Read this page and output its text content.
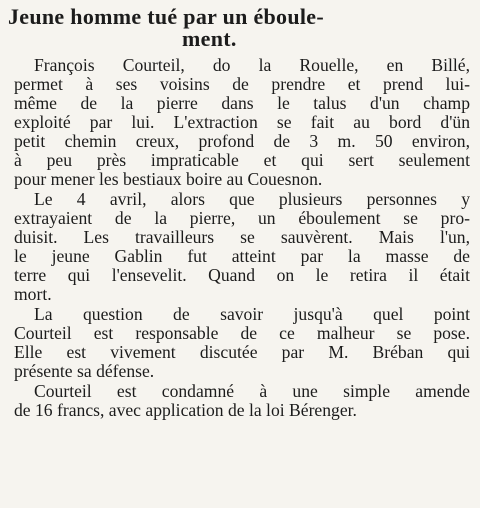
Jeune homme tué par un éboule-
ment.
François Courteil, do la Rouelle, en Billé,
permet à ses voisins de prendre et prend lui-
même de la pierre dans le talus d'un champ
exploité par lui. L'extraction se fait au bord d'ün
petit chemin creux, profond de 3 m. 50 environ,
à peu près impraticable et qui sert seulement
pour mener les bestiaux boire au Couesnon.
Le 4 avril, alors que plusieurs personnes y
extrayaient de la pierre, un éboulement se pro-
duisit. Les travailleurs se sauvèrent. Mais l'un,
le jeune Gablin fut atteint par la masse de
terre qui l'ensevelit. Quand on le retira il était
mort.
La question de savoir jusqu'à quel point
Courteil est responsable de ce malheur se pose.
Elle est vivement discutée par M. Bréban qui
présente sa défense.
Courteil est condamné à une simple amende
de 16 francs, avec application de la loi Bérenger.
